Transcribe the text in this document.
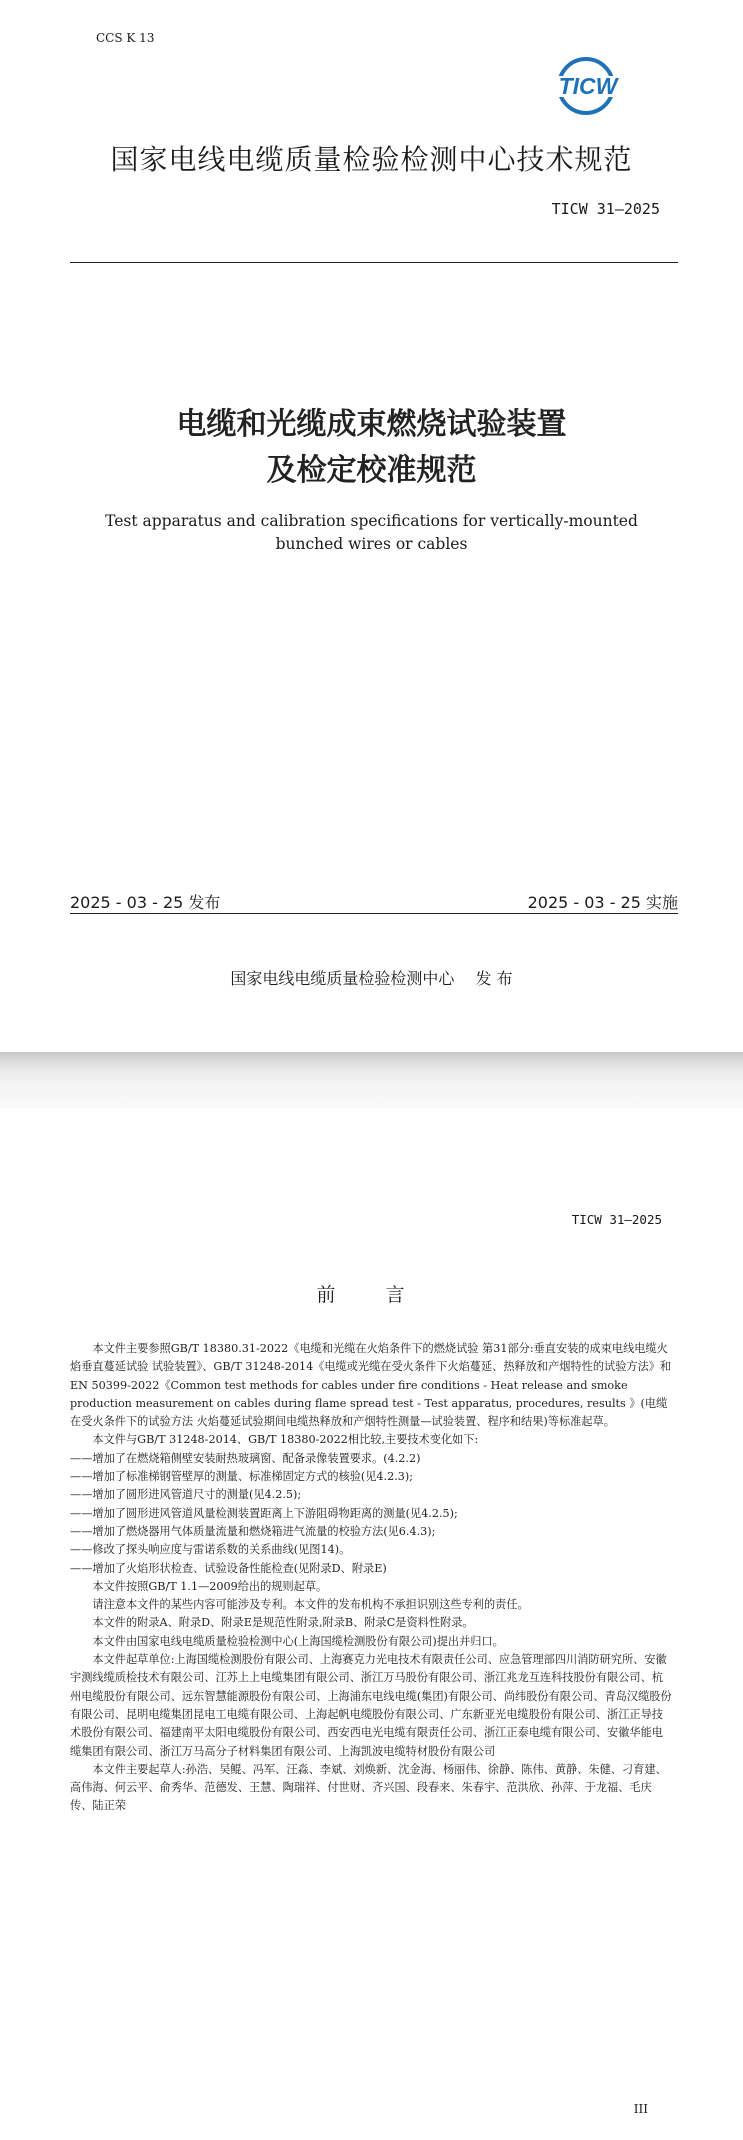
CCS K 13
TICW
国家电线电缆质量检验检测中心技术规范
TICW 31—2025
电缆和光缆成束燃烧试验装置
及检定校准规范
Test apparatus and calibration specifications for vertically-mounted
bunched wires or cables
2025 - 03 - 25 发布	2025 - 03 - 25 实施
国家电线电缆质量检验检测中心 发 布
TICW 31—2025
前 言

本文件主要参照GB/T 18380.31-2022《电缆和光缆在火焰条件下的燃烧试验 第31部分:垂直安装的成束电线电缆火焰垂直蔓延试验 试验装置》、GB/T 31248-2014《电缆或光缆在受火条件下火焰蔓延、热释放和产烟特性的试验方法》和EN 50399-2022《Common test methods for cables under fire conditions - Heat release and smoke production measurement on cables during flame spread test - Test apparatus, procedures, results 》(电缆在受火条件下的试验方法 火焰蔓延试验期间电缆热释放和产烟特性测量—试验装置、程序和结果)等标准起草。

本文件与GB/T 31248-2014、GB/T 18380-2022相比较,主要技术变化如下:

——增加了在燃烧箱侧壁安装耐热玻璃窗、配备录像装置要求。(4.2.2)

——增加了标准梯钢管壁厚的测量、标准梯固定方式的核验(见4.2.3);

——增加了圆形进风管道尺寸的测量(见4.2.5);

——增加了圆形进风管道风量检测装置距离上下游阻碍物距离的测量(见4.2.5);

——增加了燃烧器用气体质量流量和燃烧箱进气流量的校验方法(见6.4.3);

——修改了探头响应度与雷诺系数的关系曲线(见图14)。

——增加了火焰形状检查、试验设备性能检查(见附录D、附录E)

本文件按照GB/T 1.1—2009给出的规则起草。

请注意本文件的某些内容可能涉及专利。本文件的发布机构不承担识别这些专利的责任。

本文件的附录A、附录D、附录E是规范性附录,附录B、附录C是资料性附录。

本文件由国家电线电缆质量检验检测中心(上海国缆检测股份有限公司)提出并归口。

本文件起草单位:上海国缆检测股份有限公司、上海赛克力光电技术有限责任公司、应急管理部四川消防研究所、安徽宇测线缆质检技术有限公司、江苏上上电缆集团有限公司、浙江万马股份有限公司、浙江兆龙互连科技股份有限公司、杭州电缆股份有限公司、远东智慧能源股份有限公司、上海浦东电线电缆(集团)有限公司、尚纬股份有限公司、青岛汉缆股份有限公司、昆明电缆集团昆电工电缆有限公司、上海起帆电缆股份有限公司、广东新亚光电缆股份有限公司、浙江正导技术股份有限公司、福建南平太阳电缆股份有限公司、西安西电光电缆有限责任公司、浙江正泰电缆有限公司、安徽华能电缆集团有限公司、浙江万马高分子材料集团有限公司、上海凯波电缆特材股份有限公司

本文件主要起草人:孙浩、吴鲲、冯军、汪淼、李斌、刘焕新、沈金海、杨丽伟、徐静、陈伟、黄静、朱健、刁育建、高伟海、何云平、俞秀华、范德发、王慧、陶瑞祥、付世财、齐兴国、段春来、朱春宇、范洪欣、孙萍、于龙福、毛庆传、陆正荣

III
